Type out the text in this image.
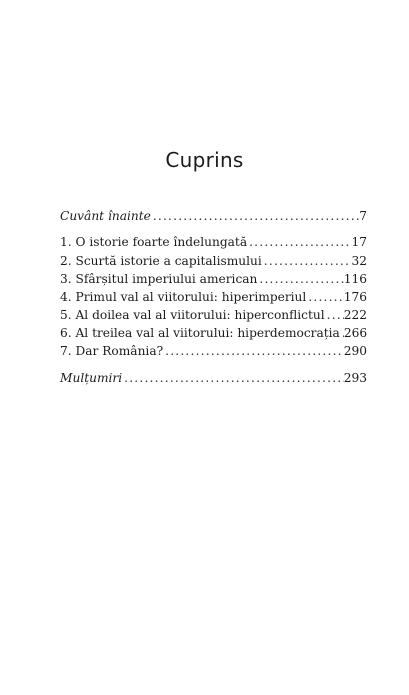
Cuprins
Cuvânt înainte .....	7
1. O istorie foarte îndelungată .....	17
2. Scurtă istorie a capitalismului .....	32
3. Sfârșitul imperiului american .....	116
4. Primul val al viitorului: hiperimperiul .....	176
5. Al doilea val al viitorului: hiperconflictul ..... 222
6. Al treilea val al viitorului: hiperdemocrația ..... 266
7. Dar România? .....	290
Mulțumiri .....	293
